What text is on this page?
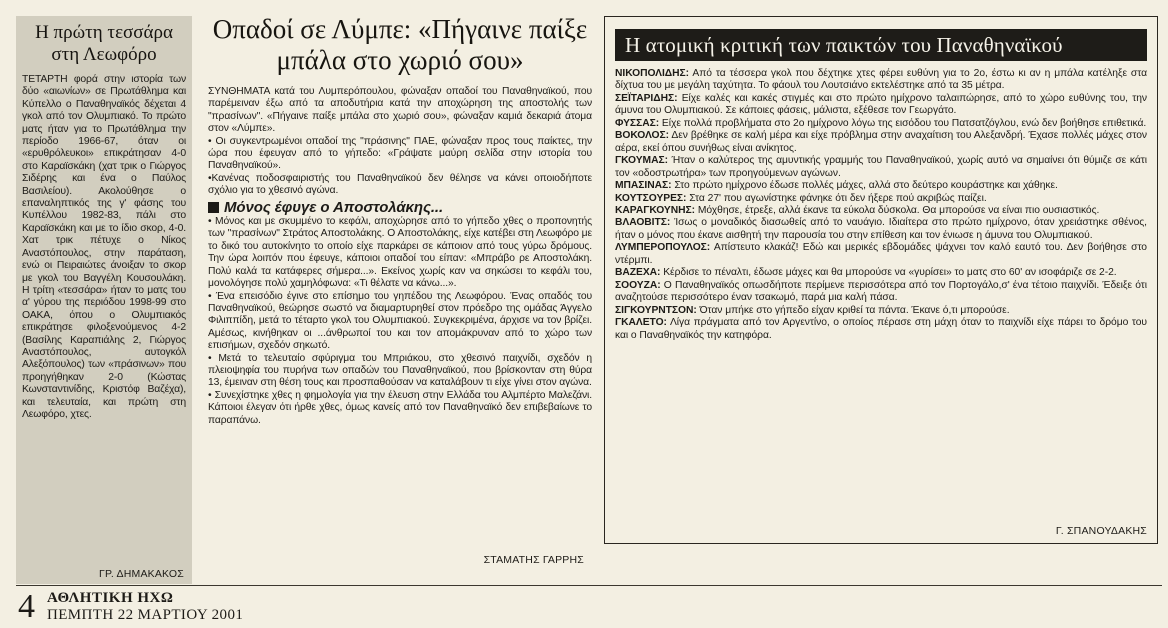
Η πρώτη τεσσάρα στη Λεωφόρο
ΤΕΤΑΡΤΗ φορά στην ιστορία των δύο «αιωνίων» σε Πρωτάθλημα και Κύπελλο ο Παναθηναϊκός δέχεται 4 γκολ από τον Ολυμπιακό. Το πρώτο ματς ήταν για το Πρωτάθλημα την περίοδο 1966-67, όταν οι «ερυθρόλευκοι» επικράτησαν 4-0 στο Καραϊσκάκη (χατ τρικ ο Γιώργος Σιδέρης και ένα ο Παύλος Βασιλείου). Ακολούθησε ο επαναληπτικός της γ' φάσης του Κυπέλλου 1982-83, πάλι στο Καραϊσκάκη και με το ίδιο σκορ, 4-0. Χατ τρικ πέτυχε ο Νίκος Αναστόπουλος, στην παράταση, ενώ οι Πειραιώτες άνοιξαν το σκορ με γκολ του Βαγγέλη Κουσουλάκη. Η τρίτη «τεσσάρα» ήταν το ματς του α' γύρου της περιόδου 1998-99 στο ΟΑΚΑ, όπου ο Ολυμπιακός επικράτησε φιλοξενούμενος 4-2 (Βασίλης Καραπιάλης 2, Γιώργος Αναστόπουλος, αυτογκόλ Αλεξόπουλος) των «πράσινων» που προηγήθηκαν 2-0 (Κώστας Κωνσταντινίδης, Κριστόφ Βαζέχα), και τελευταία, και πρώτη στη Λεωφόρο, χτες.
ΓΡ. ΔΗΜΑΚΑΚΟΣ
Οπαδοί σε Λύμπε: «Πήγαινε παίξε μπάλα στο χωριό σου»

ΣΥΝΘΗΜΑΤΑ κατά του Λυμπερόπουλου, φώναξαν οπαδοί του Παναθηναϊκού, που παρέμειναν έξω από τα αποδυτήρια κατά την αποχώρηση της αποστολής των "πρασίνων". «Πήγαινε παίξε μπάλα στο χωριό σου», φώναξαν καμιά δεκαριά άτομα στον «Λύμπε».

• Οι συγκεντρωμένοι οπαδοί της "πράσινης" ΠΑΕ, φώναξαν προς τους παίκτες, την ώρα που έφευγαν από το γήπεδο: «Γράψατε μαύρη σελίδα στην ιστορία του Παναθηναϊκού».

•Κανένας ποδοσφαιριστής του Παναθηναϊκού δεν θέλησε να κάνει οποιοδήποτε σχόλιο για το χθεσινό αγώνα.

Μόνος έφυγε ο Αποστολάκης...

• Μόνος και με σκυμμένο το κεφάλι, αποχώρησε από το γήπεδο χθες ο προπονητής των "πρασίνων" Στράτος Αποστολάκης. Ο Αποστολάκης, είχε κατέβει στη Λεωφόρο με το δικό του αυτοκίνητο το οποίο είχε παρκάρει σε κάποιον από τους γύρω δρόμους. Την ώρα λοιπόν που έφευγε, κάποιοι οπαδοί του είπαν: «Μπράβο ρε Αποστολάκη. Πολύ καλά τα κατάφερες σήμερα...». Εκείνος χωρίς καν να σηκώσει το κεφάλι του, μονολόγησε πολύ χαμηλόφωνα: «Τι θέλατε να κάνω...».

• Ένα επεισόδιο έγινε στο επίσημο του γηπέδου της Λεωφόρου. Ένας οπαδός του Παναθηναϊκού, θεώρησε σωστό να διαμαρτυρηθεί στον πρόεδρο της ομάδας Άγγελο Φιλιππίδη, μετά το τέταρτο γκολ του Ολυμπιακού. Συγκεκριμένα, άρχισε να τον βρίζει. Αμέσως, κινήθηκαν οι ...άνθρωποί του και τον απομάκρυναν από το χώρο των επισήμων, σχεδόν σηκωτό.

• Μετά το τελευταίο σφύριγμα του Μπριάκου, στο χθεσινό παιχνίδι, σχεδόν η πλειοψηφία του πυρήνα των οπαδών του Παναθηναϊκού, που βρίσκονταν στη θύρα 13, έμειναν στη θέση τους και προσπαθούσαν να καταλάβουν τι είχε γίνει στον αγώνα.

• Συνεχίστηκε χθες η φημολογία για την έλευση στην Ελλάδα του Αλμπέρτο Μαλεζάνι. Κάποιοι έλεγαν ότι ήρθε χθες, όμως κανείς από τον Παναθηναϊκό δεν επιβεβαίωνε το παραπάνω.

ΣΤΑΜΑΤΗΣ ΓΑΡΡΗΣ
Η ατομική κριτική των παικτών του Παναθηναϊκού

ΝΙΚΟΠΟΛΙΔΗΣ: Από τα τέσσερα γκολ που δέχτηκε χτες φέρει ευθύνη για το 2ο, έστω κι αν η μπάλα κατέληξε στα δίχτυα του με μεγάλη ταχύτητα. Το φάουλ του Λουτσιάνο εκτελέστηκε από τα 35 μέτρα.

ΣΕΪΤΑΡΙΔΗΣ: Είχε καλές και κακές στιγμές και στο πρώτο ημίχρονο ταλαιπώρησε, από το χώρο ευθύνης του, την άμυνα του Ολυμπιακού. Σε κάποιες φάσεις, μάλιστα, εξέθεσε τον Γεωργάτο.

ΦΥΣΣΑΣ: Είχε πολλά προβλήματα στο 2ο ημίχρονο λόγω της εισόδου του Πατσατζόγλου, ενώ δεν βοήθησε επιθετικά.

ΒΟΚΟΛΟΣ: Δεν βρέθηκε σε καλή μέρα και είχε πρόβλημα στην αναχαίτιση του Αλεξανδρή. Έχασε πολλές μάχες στον αέρα, εκεί όπου συνήθως είναι ανίκητος.

ΓΚΟΥΜΑΣ: Ήταν ο καλύτερος της αμυντικής γραμμής του Παναθηναϊκού, χωρίς αυτό να σημαίνει ότι θύμιζε σε κάτι τον «οδοστρωτήρα» των προηγούμενων αγώνων.

ΜΠΑΣΙΝΑΣ: Στο πρώτο ημίχρονο έδωσε πολλές μάχες, αλλά στο δεύτερο κουράστηκε και χάθηκε.

ΚΟΥΤΣΟΥΡΕΣ: Στα 27' που αγωνίστηκε φάνηκε ότι δεν ήξερε πού ακριβώς παίζει.

ΚΑΡΑΓΚΟΥΝΗΣ: Μόχθησε, έτρεξε, αλλά έκανε τα εύκολα δύσκολα. Θα μπορούσε να είναι πιο ουσιαστικός.

ΒΛΑΟΒΙΤΣ: Ίσως ο μοναδικός διασωθείς από το ναυάγιο. Ιδιαίτερα στο πρώτο ημίχρονο, όταν χρειάστηκε σθένος, ήταν ο μόνος που έκανε αισθητή την παρουσία του στην επίθεση και τον ένιωσε η άμυνα του Ολυμπιακού.

ΛΥΜΠΕΡΟΠΟΥΛΟΣ: Απίστευτο κλακάζ! Εδώ και μερικές εβδομάδες ψάχνει τον καλό εαυτό του. Δεν βοήθησε στο ντέρμπι.

ΒΑΖΕΧΑ: Κέρδισε το πέναλτι, έδωσε μάχες και θα μπορούσε να «γυρίσει» το ματς στο 60' αν ισοφάριζε σε 2-2.

ΣΟΟΥΖΑ: Ο Παναθηναϊκός οπωσδήποτε περίμενε περισσότερα από τον Πορτογάλο,σ' ένα τέτοιο παιχνίδι. Έδειξε ότι αναζητούσε περισσότερο έναν τσακωμό, παρά μια καλή πάσα.

ΣΙΓΚΟΥΡΝΤΣΟΝ: Όταν μπήκε στο γήπεδο είχαν κριθεί τα πάντα. Έκανε ό,τι μπορούσε.

ΓΚΑΛΕΤΟ: Λίγα πράγματα από τον Αργεντίνο, ο οποίος πέρασε στη μάχη όταν το παιχνίδι είχε πάρει το δρόμο του και ο Παναθηναϊκός την κατηφόρα.

Γ. ΣΠΑΝΟΥΔΑΚΗΣ
4 ΑΘΛΗΤΙΚΗ ΗΧΩ
ΠΕΜΠΤΗ 22 ΜΑΡΤΙΟΥ 2001
